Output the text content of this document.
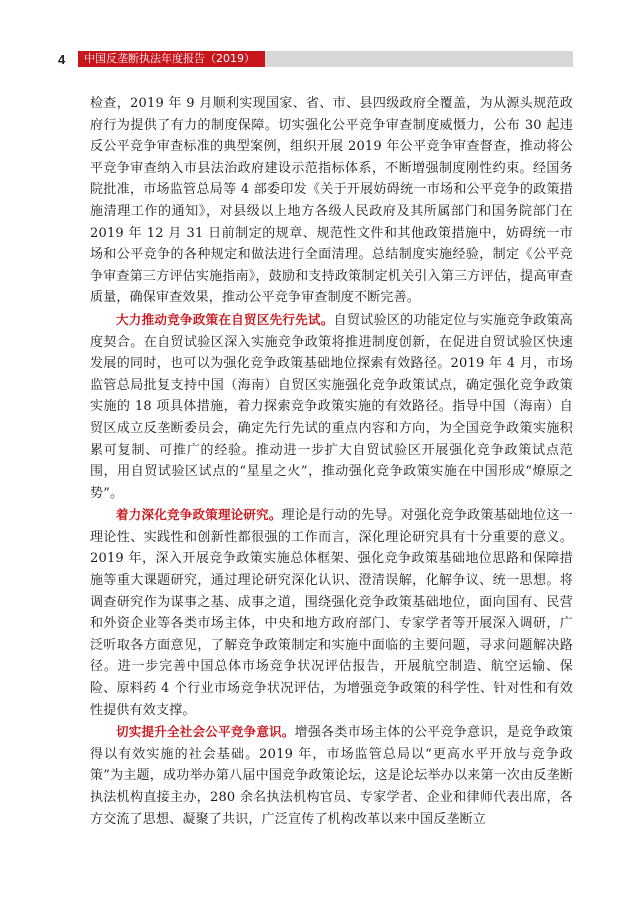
4	中国反垄断执法年度报告（2019）

检查，2019 年 9 月顺利实现国家、省、市、县四级政府全覆盖，为从源头规范政府行为提供了有力的制度保障。切实强化公平竞争审查制度威慑力，公布 30 起违反公平竞争审查标准的典型案例，组织开展 2019 年公平竞争审查督查，推动将公平竞争审查纳入市县法治政府建设示范指标体系，不断增强制度刚性约束。经国务院批准，市场监管总局等 4 部委印发《关于开展妨碍统一市场和公平竞争的政策措施清理工作的通知》，对县级以上地方各级人民政府及其所属部门和国务院部门在 2019 年 12 月 31 日前制定的规章、规范性文件和其他政策措施中，妨碍统一市场和公平竞争的各种规定和做法进行全面清理。总结制度实施经验，制定《公平竞争审查第三方评估实施指南》，鼓励和支持政策制定机关引入第三方评估，提高审查质量，确保审查效果，推动公平竞争审查制度不断完善。

大力推动竞争政策在自贸区先行先试。自贸试验区的功能定位与实施竞争政策高度契合。在自贸试验区深入实施竞争政策将推进制度创新，在促进自贸试验区快速发展的同时，也可以为强化竞争政策基础地位探索有效路径。2019 年 4 月，市场监管总局批复支持中国（海南）自贸区实施强化竞争政策试点，确定强化竞争政策实施的 18 项具体措施，着力探索竞争政策实施的有效路径。指导中国（海南）自贸区成立反垄断委员会，确定先行先试的重点内容和方向，为全国竞争政策实施积累可复制、可推广的经验。推动进一步扩大自贸试验区开展强化竞争政策试点范围，用自贸试验区试点的“星星之火”，推动强化竞争政策实施在中国形成“燎原之势”。

着力深化竞争政策理论研究。理论是行动的先导。对强化竞争政策基础地位这一理论性、实践性和创新性都很强的工作而言，深化理论研究具有十分重要的意义。2019 年，深入开展竞争政策实施总体框架、强化竞争政策基础地位思路和保障措施等重大课题研究，通过理论研究深化认识、澄清误解，化解争议、统一思想。将调查研究作为谋事之基、成事之道，围绕强化竞争政策基础地位，面向国有、民营和外资企业等各类市场主体，中央和地方政府部门、专家学者等开展深入调研，广泛听取各方面意见，了解竞争政策制定和实施中面临的主要问题，寻求问题解决路径。进一步完善中国总体市场竞争状况评估报告，开展航空制造、航空运输、保险、原料药 4 个行业市场竞争状况评估，为增强竞争政策的科学性、针对性和有效性提供有效支撑。

切实提升全社会公平竞争意识。增强各类市场主体的公平竞争意识，是竞争政策得以有效实施的社会基础。2019 年，市场监管总局以“更高水平开放与竞争政策”为主题，成功举办第八届中国竞争政策论坛，这是论坛举办以来第一次由反垄断执法机构直接主办，280 余名执法机构官员、专家学者、企业和律师代表出席，各方交流了思想、凝聚了共识，广泛宣传了机构改革以来中国反垄断立
